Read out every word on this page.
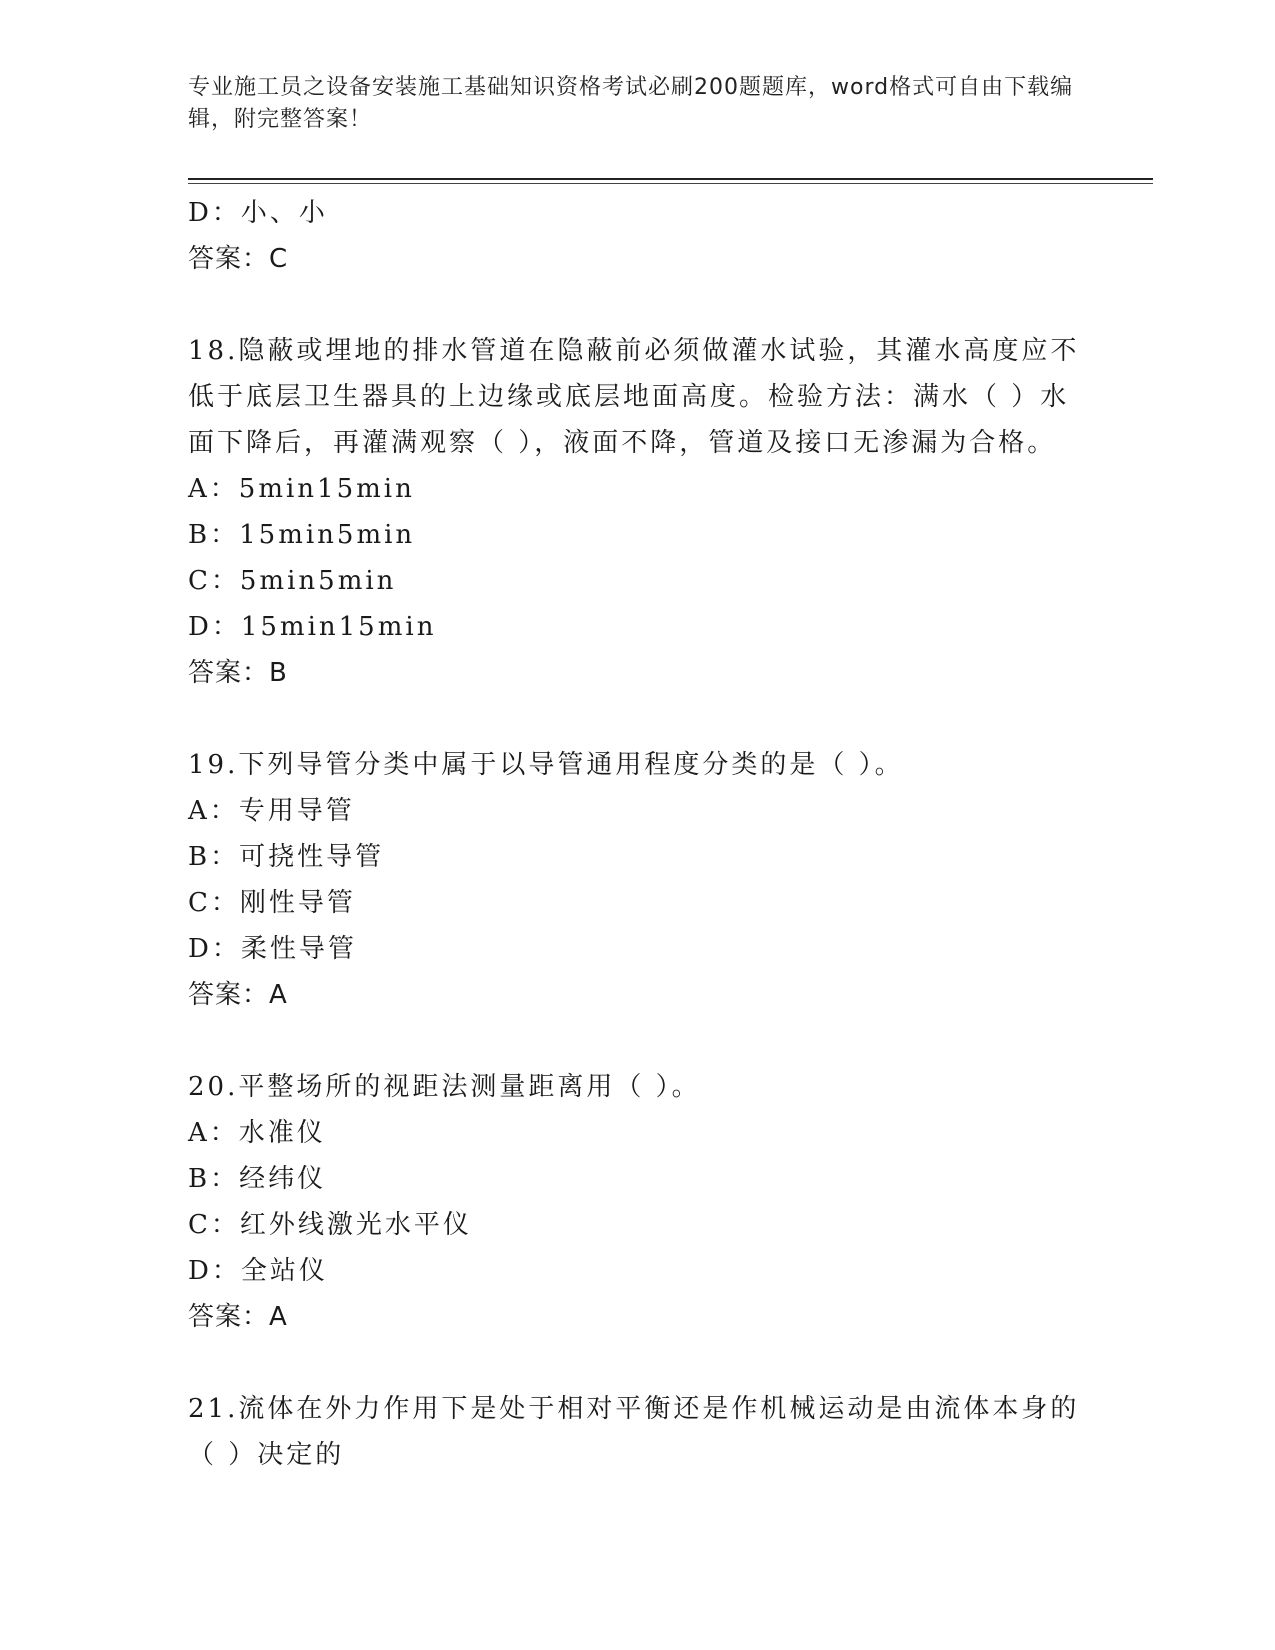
专业施工员之设备安装施工基础知识资格考试必刷200题题库，word格式可自由下载编辑，附完整答案！
D：小、小
答案：C
18.隐蔽或埋地的排水管道在隐蔽前必须做灌水试验，其灌水高度应不低于底层卫生器具的上边缘或底层地面高度。检验方法：满水（ ）水面下降后，再灌满观察（ ），液面不降，管道及接口无渗漏为合格。
A：5min15min
B：15min5min
C：5min5min
D：15min15min
答案：B
19.下列导管分类中属于以导管通用程度分类的是（ ）。
A：专用导管
B：可挠性导管
C：刚性导管
D：柔性导管
答案：A
20.平整场所的视距法测量距离用（ ）。
A：水准仪
B：经纬仪
C：红外线激光水平仪
D：全站仪
答案：A
21.流体在外力作用下是处于相对平衡还是作机械运动是由流体本身的（ ）决定的
